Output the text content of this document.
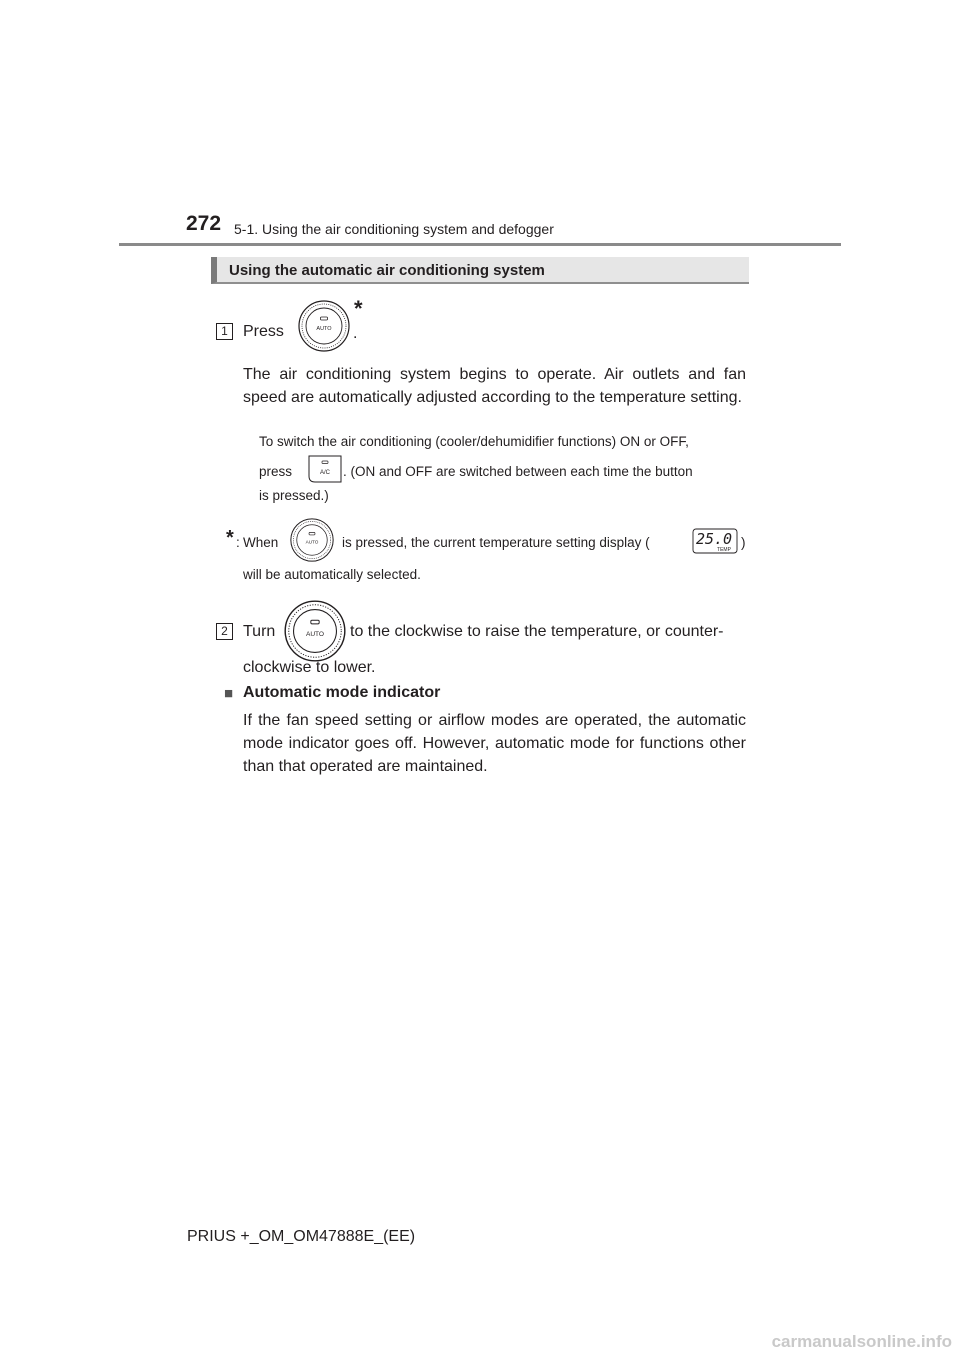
272 5-1. Using the air conditioning system and defogger
Using the automatic air conditioning system
1 Press	AUTO
*
.
The air conditioning system begins to operate. Air outlets and fan speed are automatically adjusted according to the temperature setting.
To switch the air conditioning (cooler/dehumidifier functions) ON or OFF,
press	A/C . (ON and OFF are switched between each time the button
is pressed.)
* : When	AUTO is pressed, the current temperature setting display (	25.0
TEMP )
will be automatically selected.
2 Turn	AUTO to the clockwise to raise the temperature, or counter-
clockwise to lower.
■ Automatic mode indicator
If the fan speed setting or airflow modes are operated, the automatic mode indicator goes off. However, automatic mode for functions other than that operated are maintained.
PRIUS +_OM_OM47888E_(EE)
carmanualsonline.info
